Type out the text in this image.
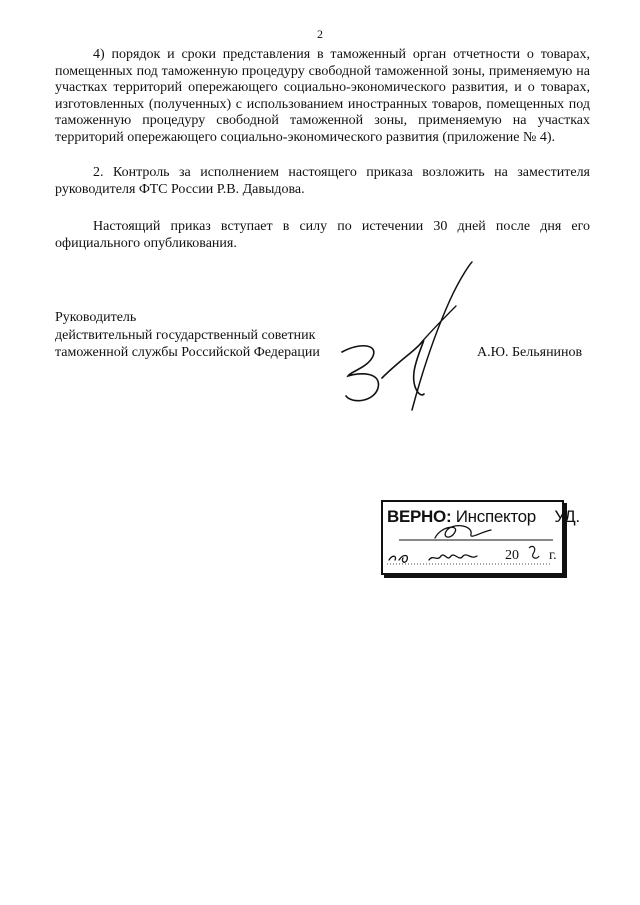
2
4) порядок и сроки представления в таможенный орган отчетности о товарах, помещенных под таможенную процедуру свободной таможенной зоны, применяемую на участках территорий опережающего социально-экономического развития, и о товарах, изготовленных (полученных) с использованием иностранных товаров, помещенных под таможенную процедуру свободной таможенной зоны, применяемую на участках территорий опережающего социально-экономического развития (приложение № 4).
2. Контроль за исполнением настоящего приказа возложить на заместителя руководителя ФТС России Р.В. Давыдова.
Настоящий приказ вступает в силу по истечении 30 дней после дня его официального опубликования.
Руководитель
действительный государственный советник
таможенной службы Российской Федерации	А.Ю. Бельянинов
ВЕРНО: Инспектор УД.
20 г.
